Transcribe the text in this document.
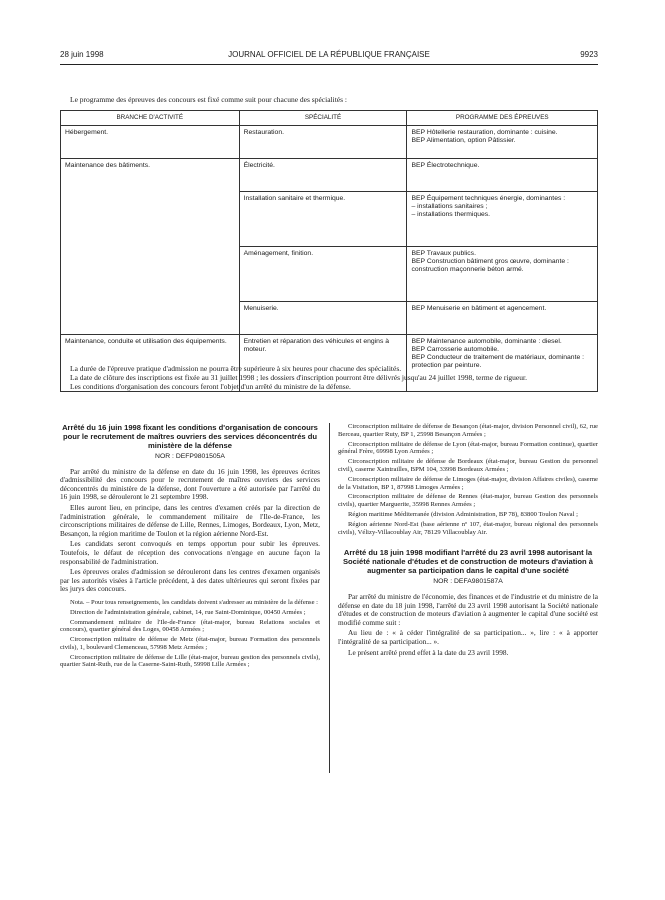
28 juin 1998	JOURNAL OFFICIEL DE LA RÉPUBLIQUE FRANÇAISE	9923
Le programme des épreuves des concours est fixé comme suit pour chacune des spécialités :
BRANCHE D'ACTIVITÉ	SPÉCIALITÉ	PROGRAMME DES ÉPREUVES
Hébergement.	Restauration.	BEP Hôtellerie restauration, dominante : cuisine.
BEP Alimentation, option Pâtissier.
Maintenance des bâtiments.	Électricité.	BEP Électrotechnique.
	Installation sanitaire et thermique.	BEP Équipement techniques énergie, dominantes :
– installations sanitaires ;
– installations thermiques.
	Aménagement, finition.	BEP Travaux publics.
BEP Construction bâtiment gros œuvre, dominante : construction maçonnerie béton armé.
	Menuiserie.	BEP Menuiserie en bâtiment et agencement.
Maintenance, conduite et utilisation des équipements.	Entretien et réparation des véhicules et engins à moteur.	BEP Maintenance automobile, dominante : diesel.
BEP Carrosserie automobile.
BEP Conducteur de traitement de matériaux, dominante : protection par peinture.

La durée de l'épreuve pratique d'admission ne pourra être supérieure à six heures pour chacune des spécialités.

La date de clôture des inscriptions est fixée au 31 juillet 1998 ; les dossiers d'inscription pourront être délivrés jusqu'au 24 juillet 1998, terme de rigueur.

Les conditions d'organisation des concours feront l'objet d'un arrêté du ministre de la défense.

Arrêté du 16 juin 1998 fixant les conditions d'organisation de concours pour le recrutement de maîtres ouvriers des services déconcentrés du ministère de la défense
NOR : DEFP9801505A

Par arrêté du ministre de la défense en date du 16 juin 1998, les épreuves écrites d'admissibilité des concours pour le recrutement de maîtres ouvriers des services déconcentrés du ministère de la défense, dont l'ouverture a été autorisée par l'arrêté du 16 juin 1998, se dérouleront le 21 septembre 1998.

Elles auront lieu, en principe, dans les centres d'examen créés par la direction de l'administration générale, le commandement militaire de l'Ile-de-France, les circonscriptions militaires de défense de Lille, Rennes, Limoges, Bordeaux, Lyon, Metz, Besançon, la région maritime de Toulon et la région aérienne Nord-Est.

Les candidats seront convoqués en temps opportun pour subir les épreuves. Toutefois, le défaut de réception des convocations n'engage en aucune façon la responsabilité de l'administration.

Les épreuves orales d'admission se dérouleront dans les centres d'examen organisés par les autorités visées à l'article précédent, à des dates ultérieures qui seront fixées par les jurys des concours.

Nota. – Pour tous renseignements, les candidats doivent s'adresser au ministère de la défense :

Direction de l'administration générale, cabinet, 14, rue Saint-Dominique, 00450 Armées ;

Commandement militaire de l'Ile-de-France (état-major, bureau Relations sociales et concours), quartier général des Loges, 00458 Armées ;

Circonscription militaire de défense de Metz (état-major, bureau Formation des personnels civils), 1, boulevard Clemenceau, 57998 Metz Armées ;

Circonscription militaire de défense de Lille (état-major, bureau gestion des personnels civils), quartier Saint-Ruth, rue de la Caserne-Saint-Ruth, 59998 Lille Armées ;

Circonscription militaire de défense de Besançon (état-major, division Personnel civil), 62, rue Berceau, quartier Ruty, BP 1, 25998 Besançon Armées ;

Circonscription militaire de défense de Lyon (état-major, bureau Formation continue), quartier général Frère, 69998 Lyon Armées ;

Circonscription militaire de défense de Bordeaux (état-major, bureau Gestion du personnel civil), caserne Xaintrailles, BPM 104, 33998 Bordeaux Armées ;

Circonscription militaire de défense de Limoges (état-major, division Affaires civiles), caserne de la Visitation, BP 1, 87998 Limoges Armées ;

Circonscription militaire de défense de Rennes (état-major, bureau Gestion des personnels civils), quartier Marguerite, 35998 Rennes Armées ;

Région maritime Méditerranée (division Administration, BP 78), 83800 Toulon Naval ;

Région aérienne Nord-Est (base aérienne nº 107, état-major, bureau régional des personnels civils), Vélizy-Villacoublay Air, 78129 Villacoublay Air.

Arrêté du 18 juin 1998 modifiant l'arrêté du 23 avril 1998 autorisant la Société nationale d'études et de construction de moteurs d'aviation à augmenter sa participation dans le capital d'une société
NOR : DEFA9801587A

Par arrêté du ministre de l'économie, des finances et de l'industrie et du ministre de la défense en date du 18 juin 1998, l'arrêté du 23 avril 1998 autorisant la Société nationale d'études et de construction de moteurs d'aviation à augmenter le capital d'une société est modifié comme suit :

Au lieu de : « à céder l'intégralité de sa participation... », lire : « à apporter l'intégralité de sa participation... ».

Le présent arrêté prend effet à la date du 23 avril 1998.
